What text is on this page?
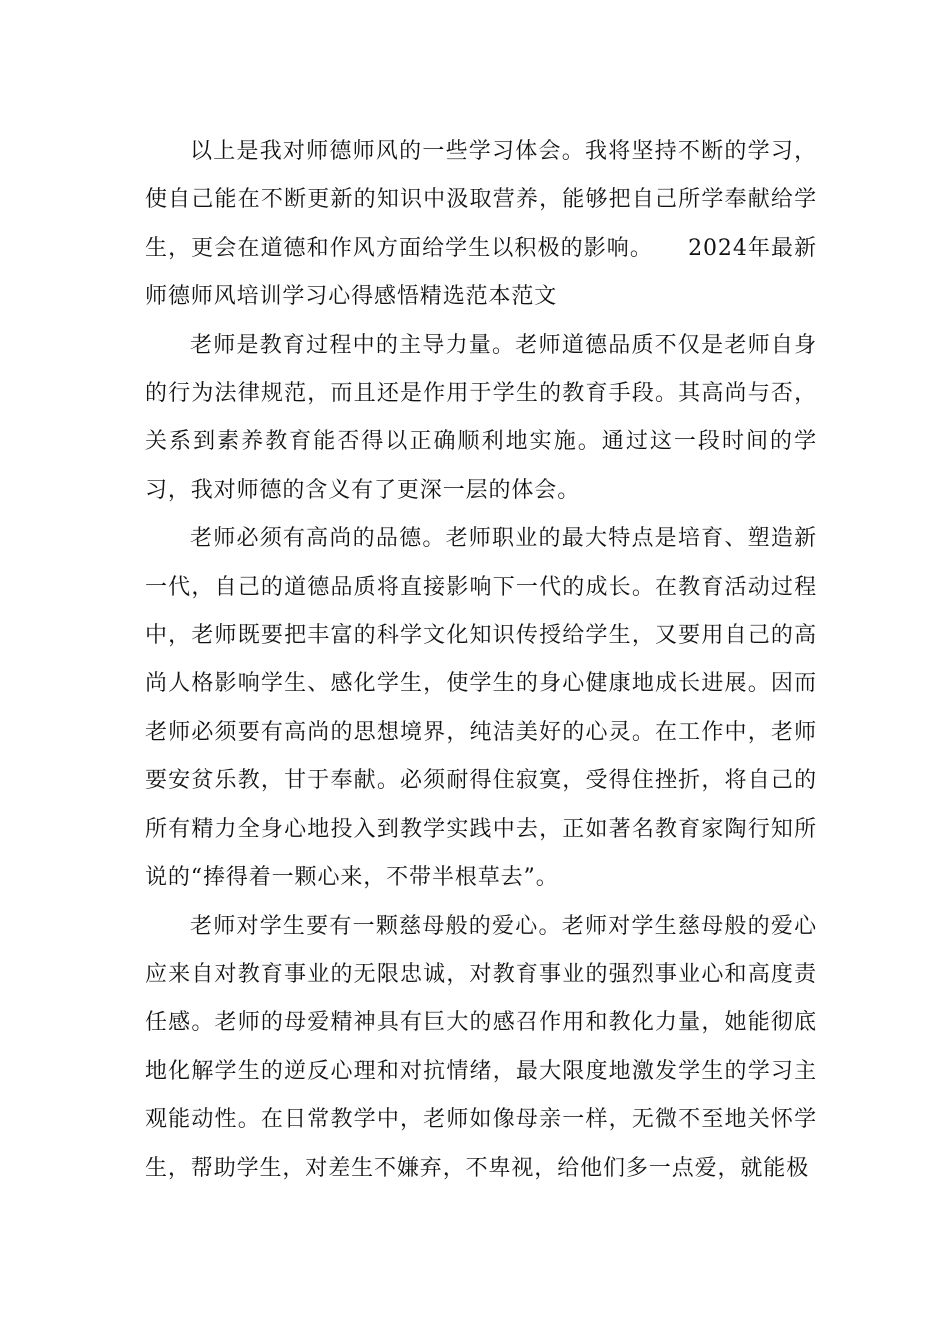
以上是我对师德师风的一些学习体会。我将坚持不断的学习，使自己能在不断更新的知识中汲取营养，能够把自己所学奉献给学生，更会在道德和作风方面给学生以积极的影响。　　2024年最新师德师风培训学习心得感悟精选范本范文

老师是教育过程中的主导力量。老师道德品质不仅是老师自身的行为法律规范，而且还是作用于学生的教育手段。其高尚与否，关系到素养教育能否得以正确顺利地实施。通过这一段时间的学习，我对师德的含义有了更深一层的体会。

老师必须有高尚的品德。老师职业的最大特点是培育、塑造新一代，自己的道德品质将直接影响下一代的成长。在教育活动过程中，老师既要把丰富的科学文化知识传授给学生，又要用自己的高尚人格影响学生、感化学生，使学生的身心健康地成长进展。因而老师必须要有高尚的思想境界，纯洁美好的心灵。在工作中，老师要安贫乐教，甘于奉献。必须耐得住寂寞，受得住挫折，将自己的所有精力全身心地投入到教学实践中去，正如著名教育家陶行知所说的“捧得着一颗心来，不带半根草去”。

老师对学生要有一颗慈母般的爱心。老师对学生慈母般的爱心应来自对教育事业的无限忠诚，对教育事业的强烈事业心和高度责任感。老师的母爱精神具有巨大的感召作用和教化力量，她能彻底地化解学生的逆反心理和对抗情绪，最大限度地激发学生的学习主观能动性。在日常教学中，老师如像母亲一样，无微不至地关怀学生，帮助学生，对差生不嫌弃，不卑视，给他们多一点爱，就能极
